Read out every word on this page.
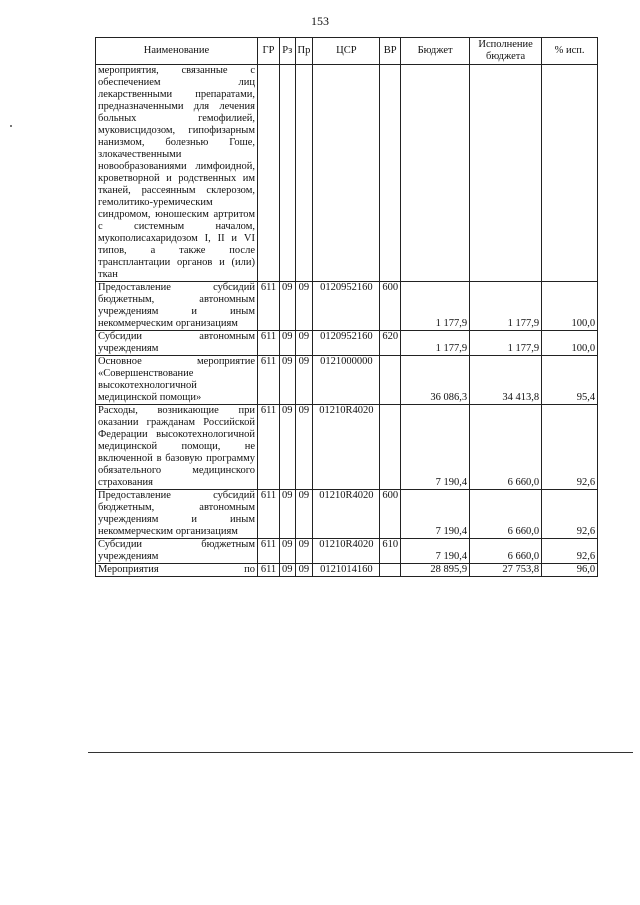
153
Наименование	ГР	Рз	Пр	ЦСР	ВР	Бюджет	Исполнение бюджета	% исп.
мероприятия, связанные с обеспечением лиц лекарственными препаратами, предназначенными для лечения больных гемофилией, муковисцидозом, гипофизарным нанизмом, болезнью Гоше, злокачественными новообразованиями лимфоидной, кроветворной и родственных им тканей, рассеянным склерозом, гемолитико-уремическим синдромом, юношеским артритом с системным началом, мукополисахаридозом I, II и VI типов, а также после трансплантации органов и (или) ткан								
Предоставление субсидий бюджетным, автономным учреждениям и иным некоммерческим организациям	611	09	09	0120952160	600	1 177,9	1 177,9	100,0
Субсидии автономным учреждениям	611	09	09	0120952160	620	1 177,9	1 177,9	100,0
Основное мероприятие «Совершенствование высокотехнологичной медицинской помощи»	611	09	09	0121000000		36 086,3	34 413,8	95,4
Расходы, возникающие при оказании гражданам Российской Федерации высокотехнологичной медицинской помощи, не включенной в базовую программу обязательного медицинского страхования	611	09	09	01210R4020		7 190,4	6 660,0	92,6
Предоставление субсидий бюджетным, автономным учреждениям и иным некоммерческим организациям	611	09	09	01210R4020	600	7 190,4	6 660,0	92,6
Субсидии бюджетным учреждениям	611	09	09	01210R4020	610	7 190,4	6 660,0	92,6
Мероприятия по	611	09	09	0121014160		28 895,9	27 753,8	96,0
